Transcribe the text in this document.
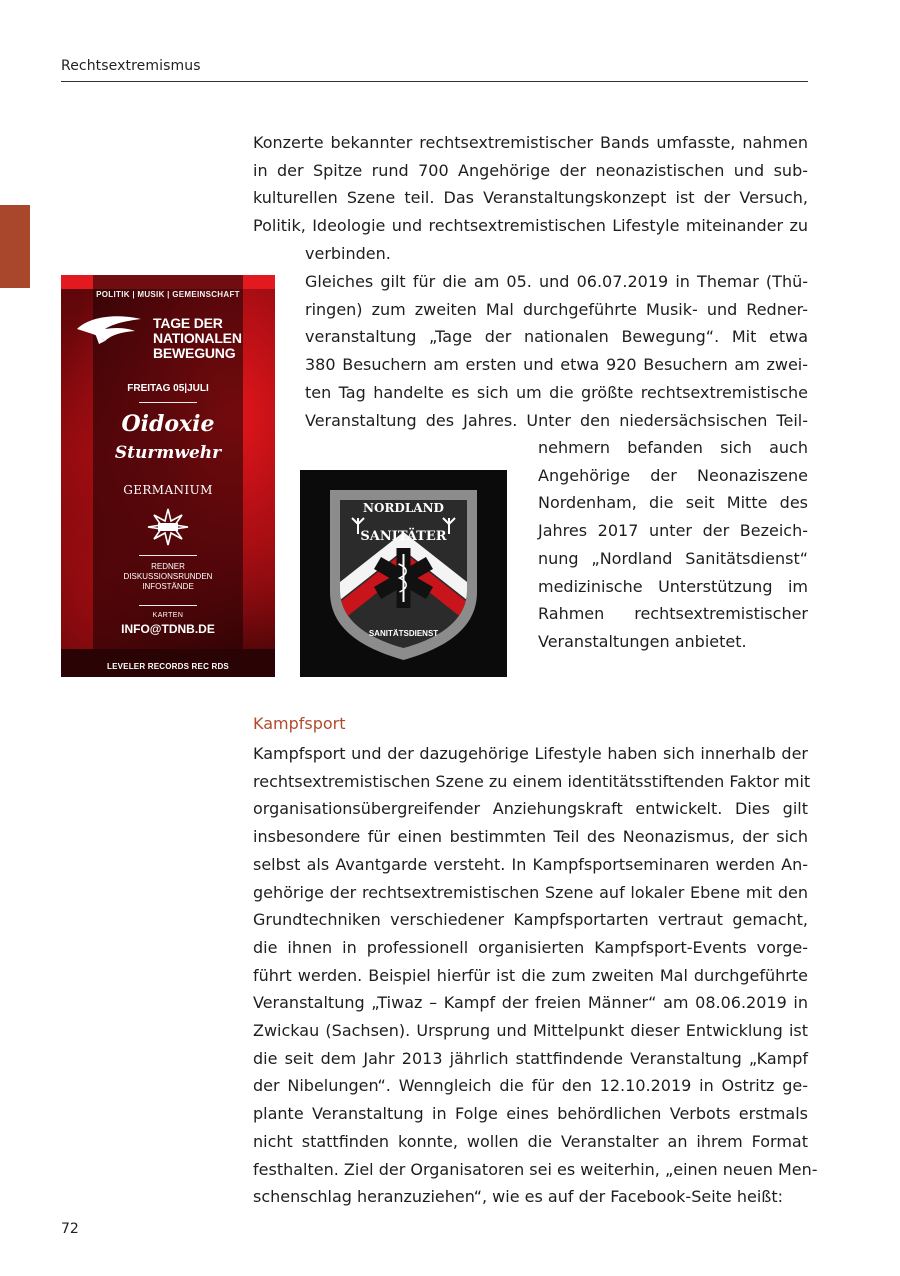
Rechtsextremismus

Konzerte bekannter rechtsextremistischer Bands umfasste, nahmen
in der Spitze rund 700 Angehörige der neonazistischen und sub-
kulturellen Szene teil. Das Veranstaltungskonzept ist der Versuch,
Politik, Ideologie und rechtsextremistischen Lifestyle miteinander zu

verbinden.

Gleiches gilt für die am 05. und 06.07.2019 in Themar (Thü-
ringen) zum zweiten Mal durchgeführte Musik- und Redner-
veranstaltung „Tage der nationalen Bewegung“. Mit etwa
380 Besuchern am ersten und etwa 920 Besuchern am zwei-
ten Tag handelte es sich um die größte rechtsextremistische
Veranstaltung des Jahres. Unter den niedersächsischen Teil-

nehmern befanden sich auch
Angehörige der Neonaziszene
Nordenham, die seit Mitte des
Jahres 2017 unter der Bezeich-
nung „Nordland Sanitätsdienst“
medizinische Unterstützung im
Rahmen rechtsextremistischer
Veranstaltungen anbietet.

POLITIK | MUSIK | GEMEINSCHAFT
TAGE DER
NATIONALEN
BEWEGUNG
FREITAG 05|JULI
Oidoxie
Sturmwehr
GERMANIUM
REDNER
DISKUSSIONSRUNDEN
INFOSTÄNDE
KARTEN
INFO@TDNB.DE
LEVELER RECORDS REC RDS
NORDLAND
SANITÄTER
SANITÄTSDIENST
Kampfsport

Kampfsport und der dazugehörige Lifestyle haben sich innerhalb der
rechtsextremistischen Szene zu einem identitätsstiftenden Faktor mit
organisationsübergreifender Anziehungskraft entwickelt. Dies gilt
insbesondere für einen bestimmten Teil des Neonazismus, der sich
selbst als Avantgarde versteht. In Kampfsportseminaren werden An-
gehörige der rechtsextremistischen Szene auf lokaler Ebene mit den
Grundtechniken verschiedener Kampfsportarten vertraut gemacht,
die ihnen in professionell organisierten Kampfsport-Events vorge-
führt werden. Beispiel hierfür ist die zum zweiten Mal durchgeführte
Veranstaltung „Tiwaz – Kampf der freien Männer“ am 08.06.2019 in
Zwickau (Sachsen). Ursprung und Mittelpunkt dieser Entwicklung ist
die seit dem Jahr 2013 jährlich stattfindende Veranstaltung „Kampf
der Nibelungen“. Wenngleich die für den 12.10.2019 in Ostritz ge-
plante Veranstaltung in Folge eines behördlichen Verbots erstmals
nicht stattfinden konnte, wollen die Veranstalter an ihrem Format
festhalten. Ziel der Organisatoren sei es weiterhin, „einen neuen Men-
schenschlag heranzuziehen“, wie es auf der Facebook-Seite heißt:

72
